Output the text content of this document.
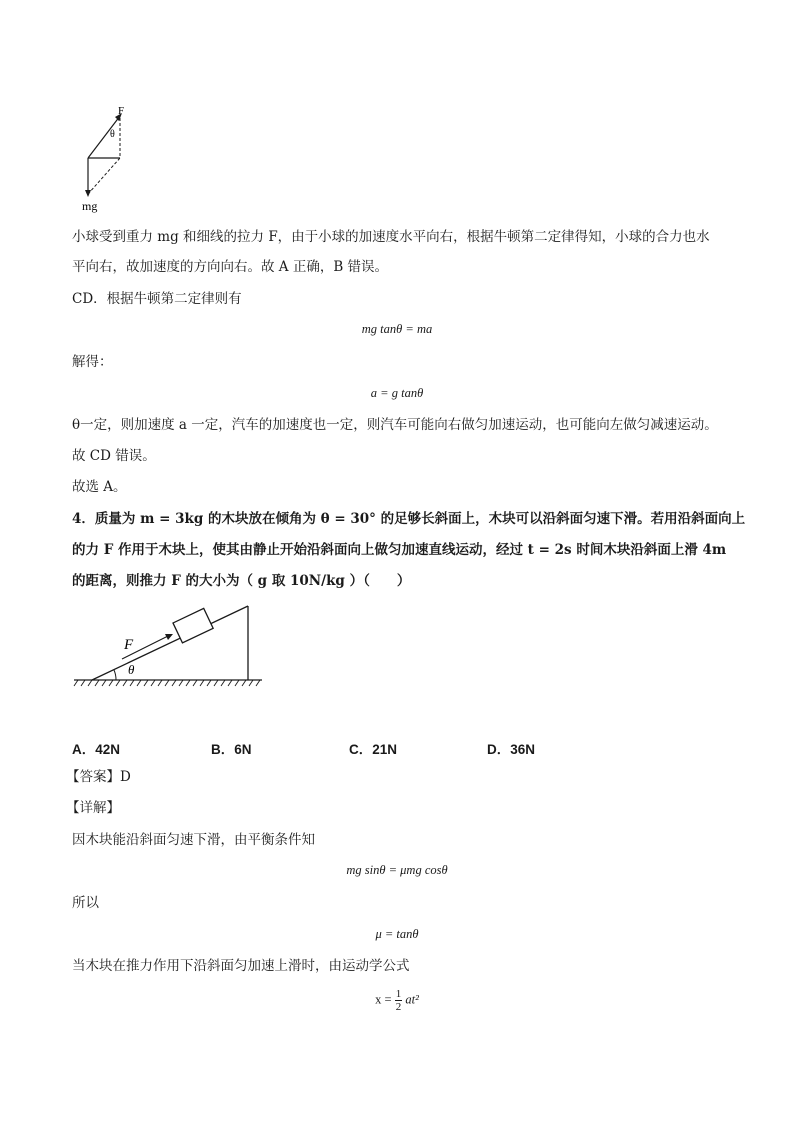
F
θ
mg
小球受到重力 mg 和细线的拉力 F，由于小球的加速度水平向右，根据牛顿第二定律得知，小球的合力也水
平向右，故加速度的方向向右。故 A 正确，B 错误。
CD．根据牛顿第二定律则有
mg tanθ = ma
解得：
a = g tanθ
θ一定，则加速度 a 一定，汽车的加速度也一定，则汽车可能向右做匀加速运动，也可能向左做匀减速运动。
故 CD 错误。
故选 A。
4．质量为 m = 3kg 的木块放在倾角为 θ = 30° 的足够长斜面上，木块可以沿斜面匀速下滑。若用沿斜面向上
的力 F 作用于木块上，使其由静止开始沿斜面向上做匀加速直线运动，经过 t = 2s 时间木块沿斜面上滑 4m
的距离，则推力 F 的大小为（ g 取 10N/kg ）（　　）
F
θ
A．42N	B．6N	C．21N	D．36N
【答案】D
【详解】
因木块能沿斜面匀速下滑，由平衡条件知
mg sinθ = μmg cosθ
所以
μ = tanθ
当木块在推力作用下沿斜面匀加速上滑时，由运动学公式
$x = \frac{1}{2} at^2$
